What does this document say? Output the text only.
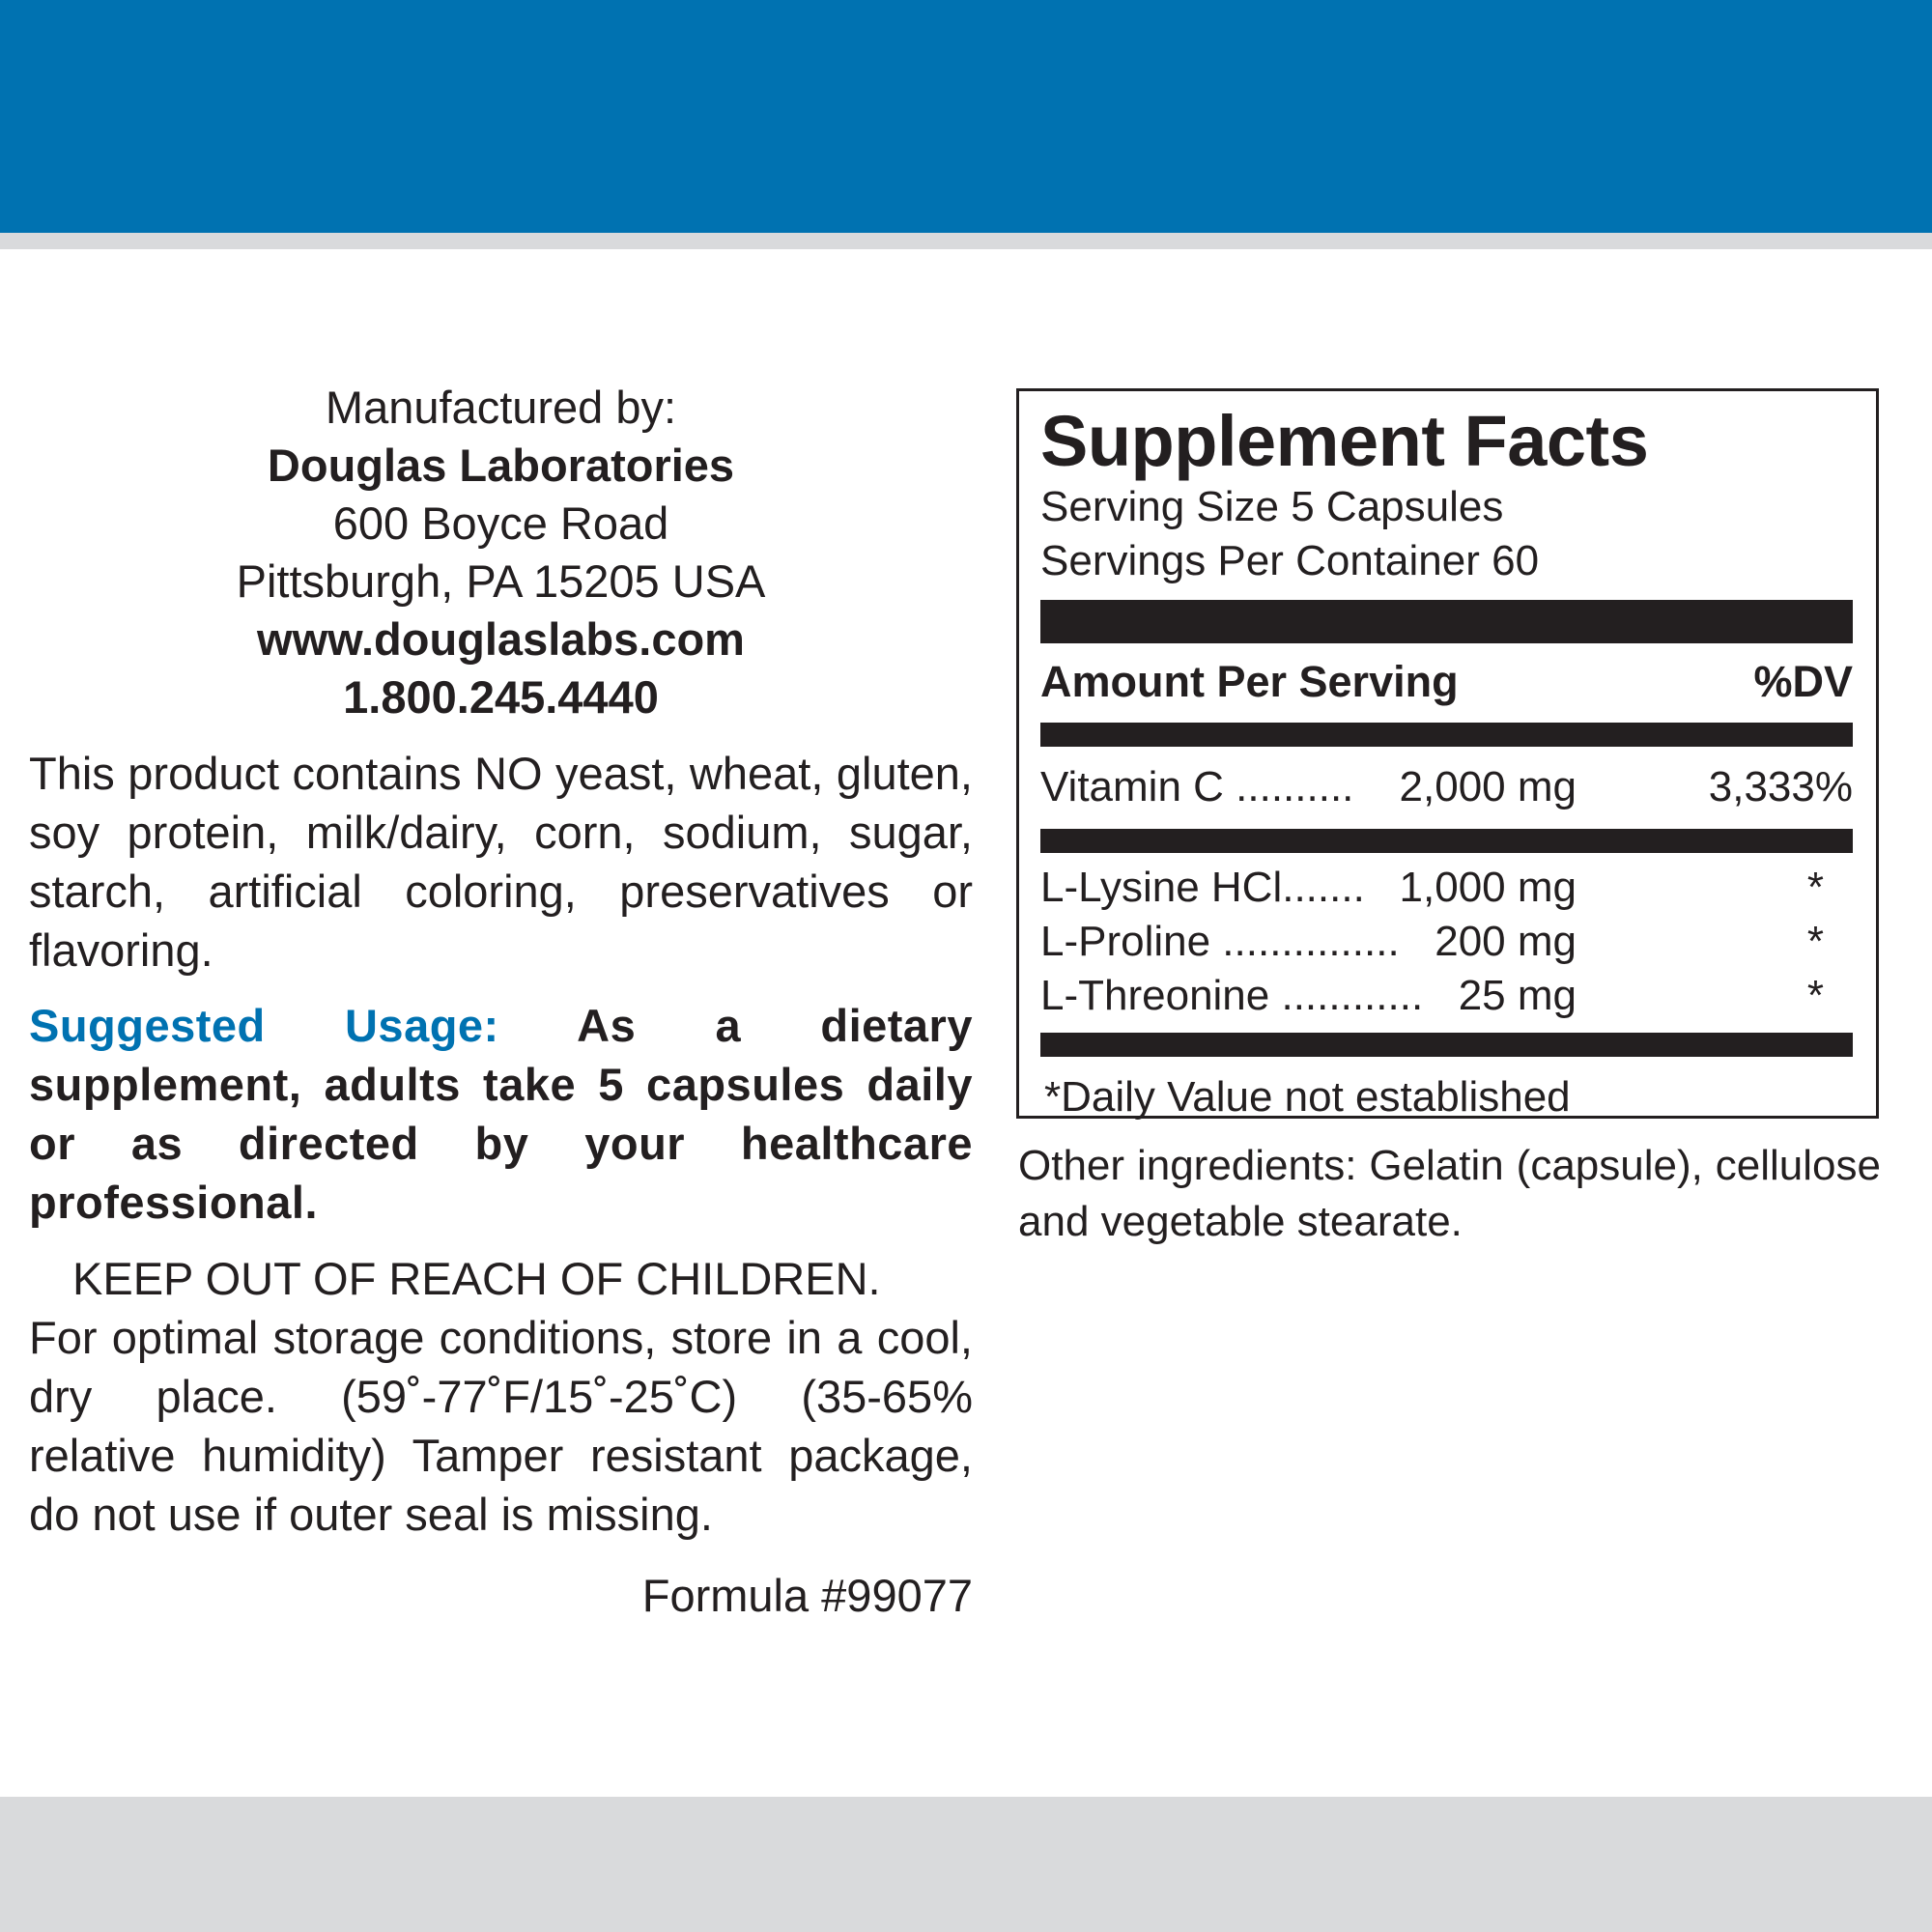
Manufactured by:
Douglas Laboratories
600 Boyce Road
Pittsburgh, PA 15205 USA
www.douglaslabs.com
1.800.245.4440
This product contains NO yeast, wheat, gluten, soy protein, milk/dairy, corn, sodium, sugar, starch, artificial coloring, preservatives or flavoring.
Suggested Usage: As a dietary supplement, adults take 5 capsules daily or as directed by your healthcare professional.
KEEP OUT OF REACH OF CHILDREN.
For optimal storage conditions, store in a cool, dry place. (59˚-77˚F/15˚-25˚C) (35-65% relative humidity) Tamper resistant package, do not use if outer seal is missing.
Formula #99077
Supplement Facts
Serving Size 5 Capsules
Servings Per Container 60
Amount Per Serving	%DV
Vitamin C .......... 2,000 mg	3,333%
L-Lysine HCl....... 1,000 mg	*
L-Proline ............... 200 mg	*
L-Threonine ............ 25 mg	*
*Daily Value not established
Other ingredients: Gelatin (capsule), cellulose and vegetable stearate.
